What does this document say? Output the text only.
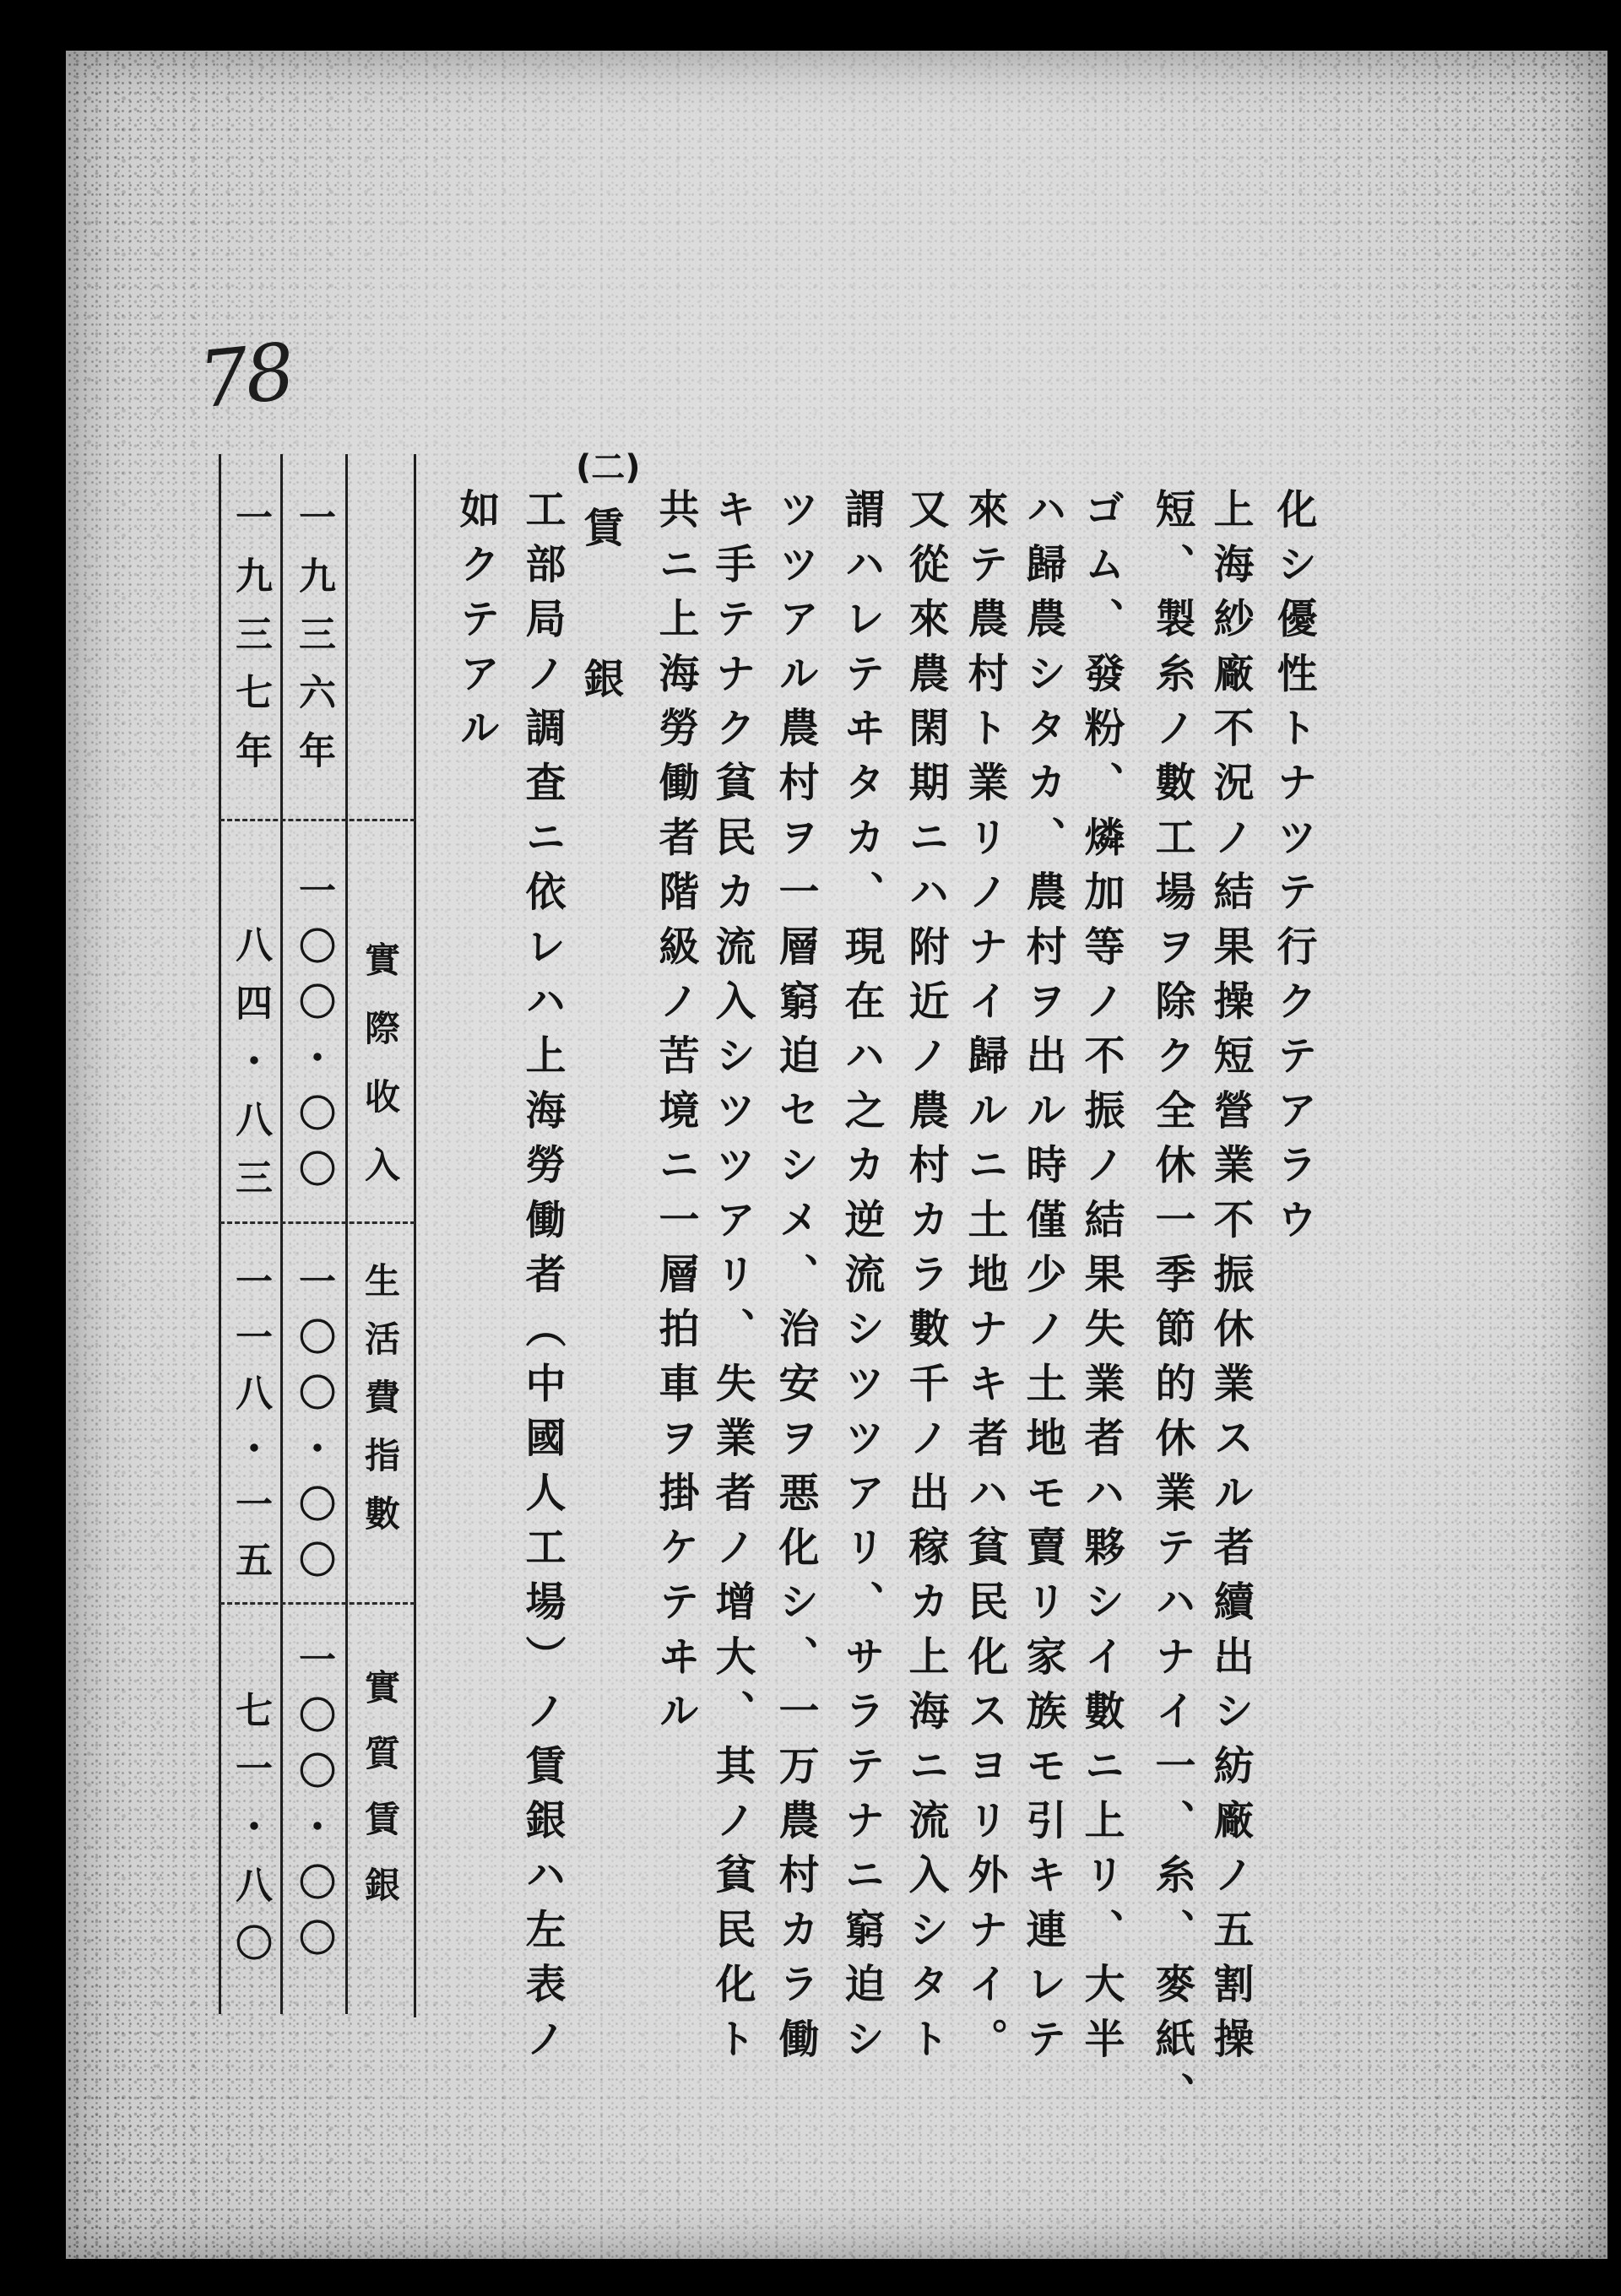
78
化シ優性トナツテ行クテアラウ
上海紗廠不況ノ結果操短營業不振休業スル者續出シ紡廠ノ五割操
短、製糸ノ數工場ヲ除ク全休一季節的休業テハナイ一、糸、麥紙、
ゴム、發粉、燐加等ノ不振ノ結果失業者ハ夥シイ數ニ上リ、大半
ハ歸農シタカ、農村ヲ出ル時僅少ノ土地モ賣リ家族モ引キ連レテ
來テ農村ト業リノナイ歸ルニ土地ナキ者ハ貧民化スヨリ外ナイ。
又從來農閑期ニハ附近ノ農村カラ數千ノ出稼カ上海ニ流入シタト
謂ハレテヰタカ、現在ハ之カ逆流シツツアリ、サラテナニ窮迫シ
ツツアル農村ヲ一層窮迫セシメ、治安ヲ悪化シ、一万農村カラ働
キ手テナク貧民カ流入シツツアリ、失業者ノ增大、其ノ貧民化ト
共ニ上海勞働者階級ノ苦境ニ一層拍車ヲ掛ケテヰル
(二)
賃銀
工部局ノ調査ニ依レハ上海勞働者（中國人工場）ノ賃銀ハ左表ノ
如クテアル
實際收入
生活費指數
實質賃銀
一九三六年
一〇〇・〇〇
一〇〇・〇〇
一〇〇・〇〇
一九三七年
八四・八三
一一八・一五
七一・八〇
